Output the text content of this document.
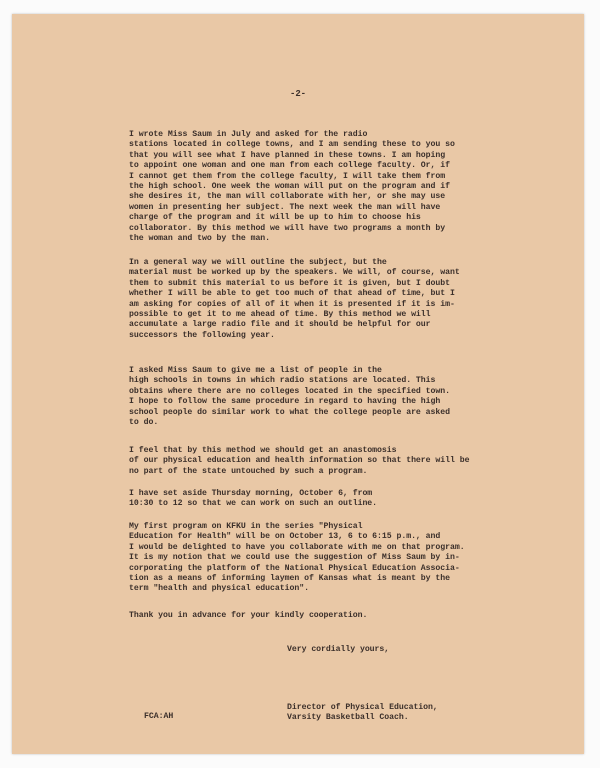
-2-

I wrote Miss Saum in July and asked for the radio
stations located in college towns, and I am sending these to you so
that you will see what I have planned in these towns. I am hoping
to appoint one woman and one man from each college faculty. Or, if
I cannot get them from the college faculty, I will take them from
the high school. One week the woman will put on the program and if
she desires it, the man will collaborate with her, or she may use
women in presenting her subject. The next week the man will have
charge of the program and it will be up to him to choose his
collaborator. By this method we will have two programs a month by
the woman and two by the man.

In a general way we will outline the subject, but the
material must be worked up by the speakers. We will, of course, want
them to submit this material to us before it is given, but I doubt
whether I will be able to get too much of that ahead of time, but I
am asking for copies of all of it when it is presented if it is im-
possible to get it to me ahead of time. By this method we will
accumulate a large radio file and it should be helpful for our
successors the following year.

I asked Miss Saum to give me a list of people in the
high schools in towns in which radio stations are located. This
obtains where there are no colleges located in the specified town.
I hope to follow the same procedure in regard to having the high
school people do similar work to what the college people are asked
to do.

I feel that by this method we should get an anastomosis
of our physical education and health information so that there will be
no part of the state untouched by such a program.

I have set aside Thursday morning, October 6, from
10:30 to 12 so that we can work on such an outline.

My first program on KFKU in the series "Physical
Education for Health" will be on October 13, 6 to 6:15 p.m., and
I would be delighted to have you collaborate with me on that program.
It is my notion that we could use the suggestion of Miss Saum by in-
corporating the platform of the National Physical Education Associa-
tion as a means of informing laymen of Kansas what is meant by the
term "health and physical education".

Thank you in advance for your kindly cooperation.

Very cordially yours,

Director of Physical Education,
Varsity Basketball Coach.

FCA:AH
